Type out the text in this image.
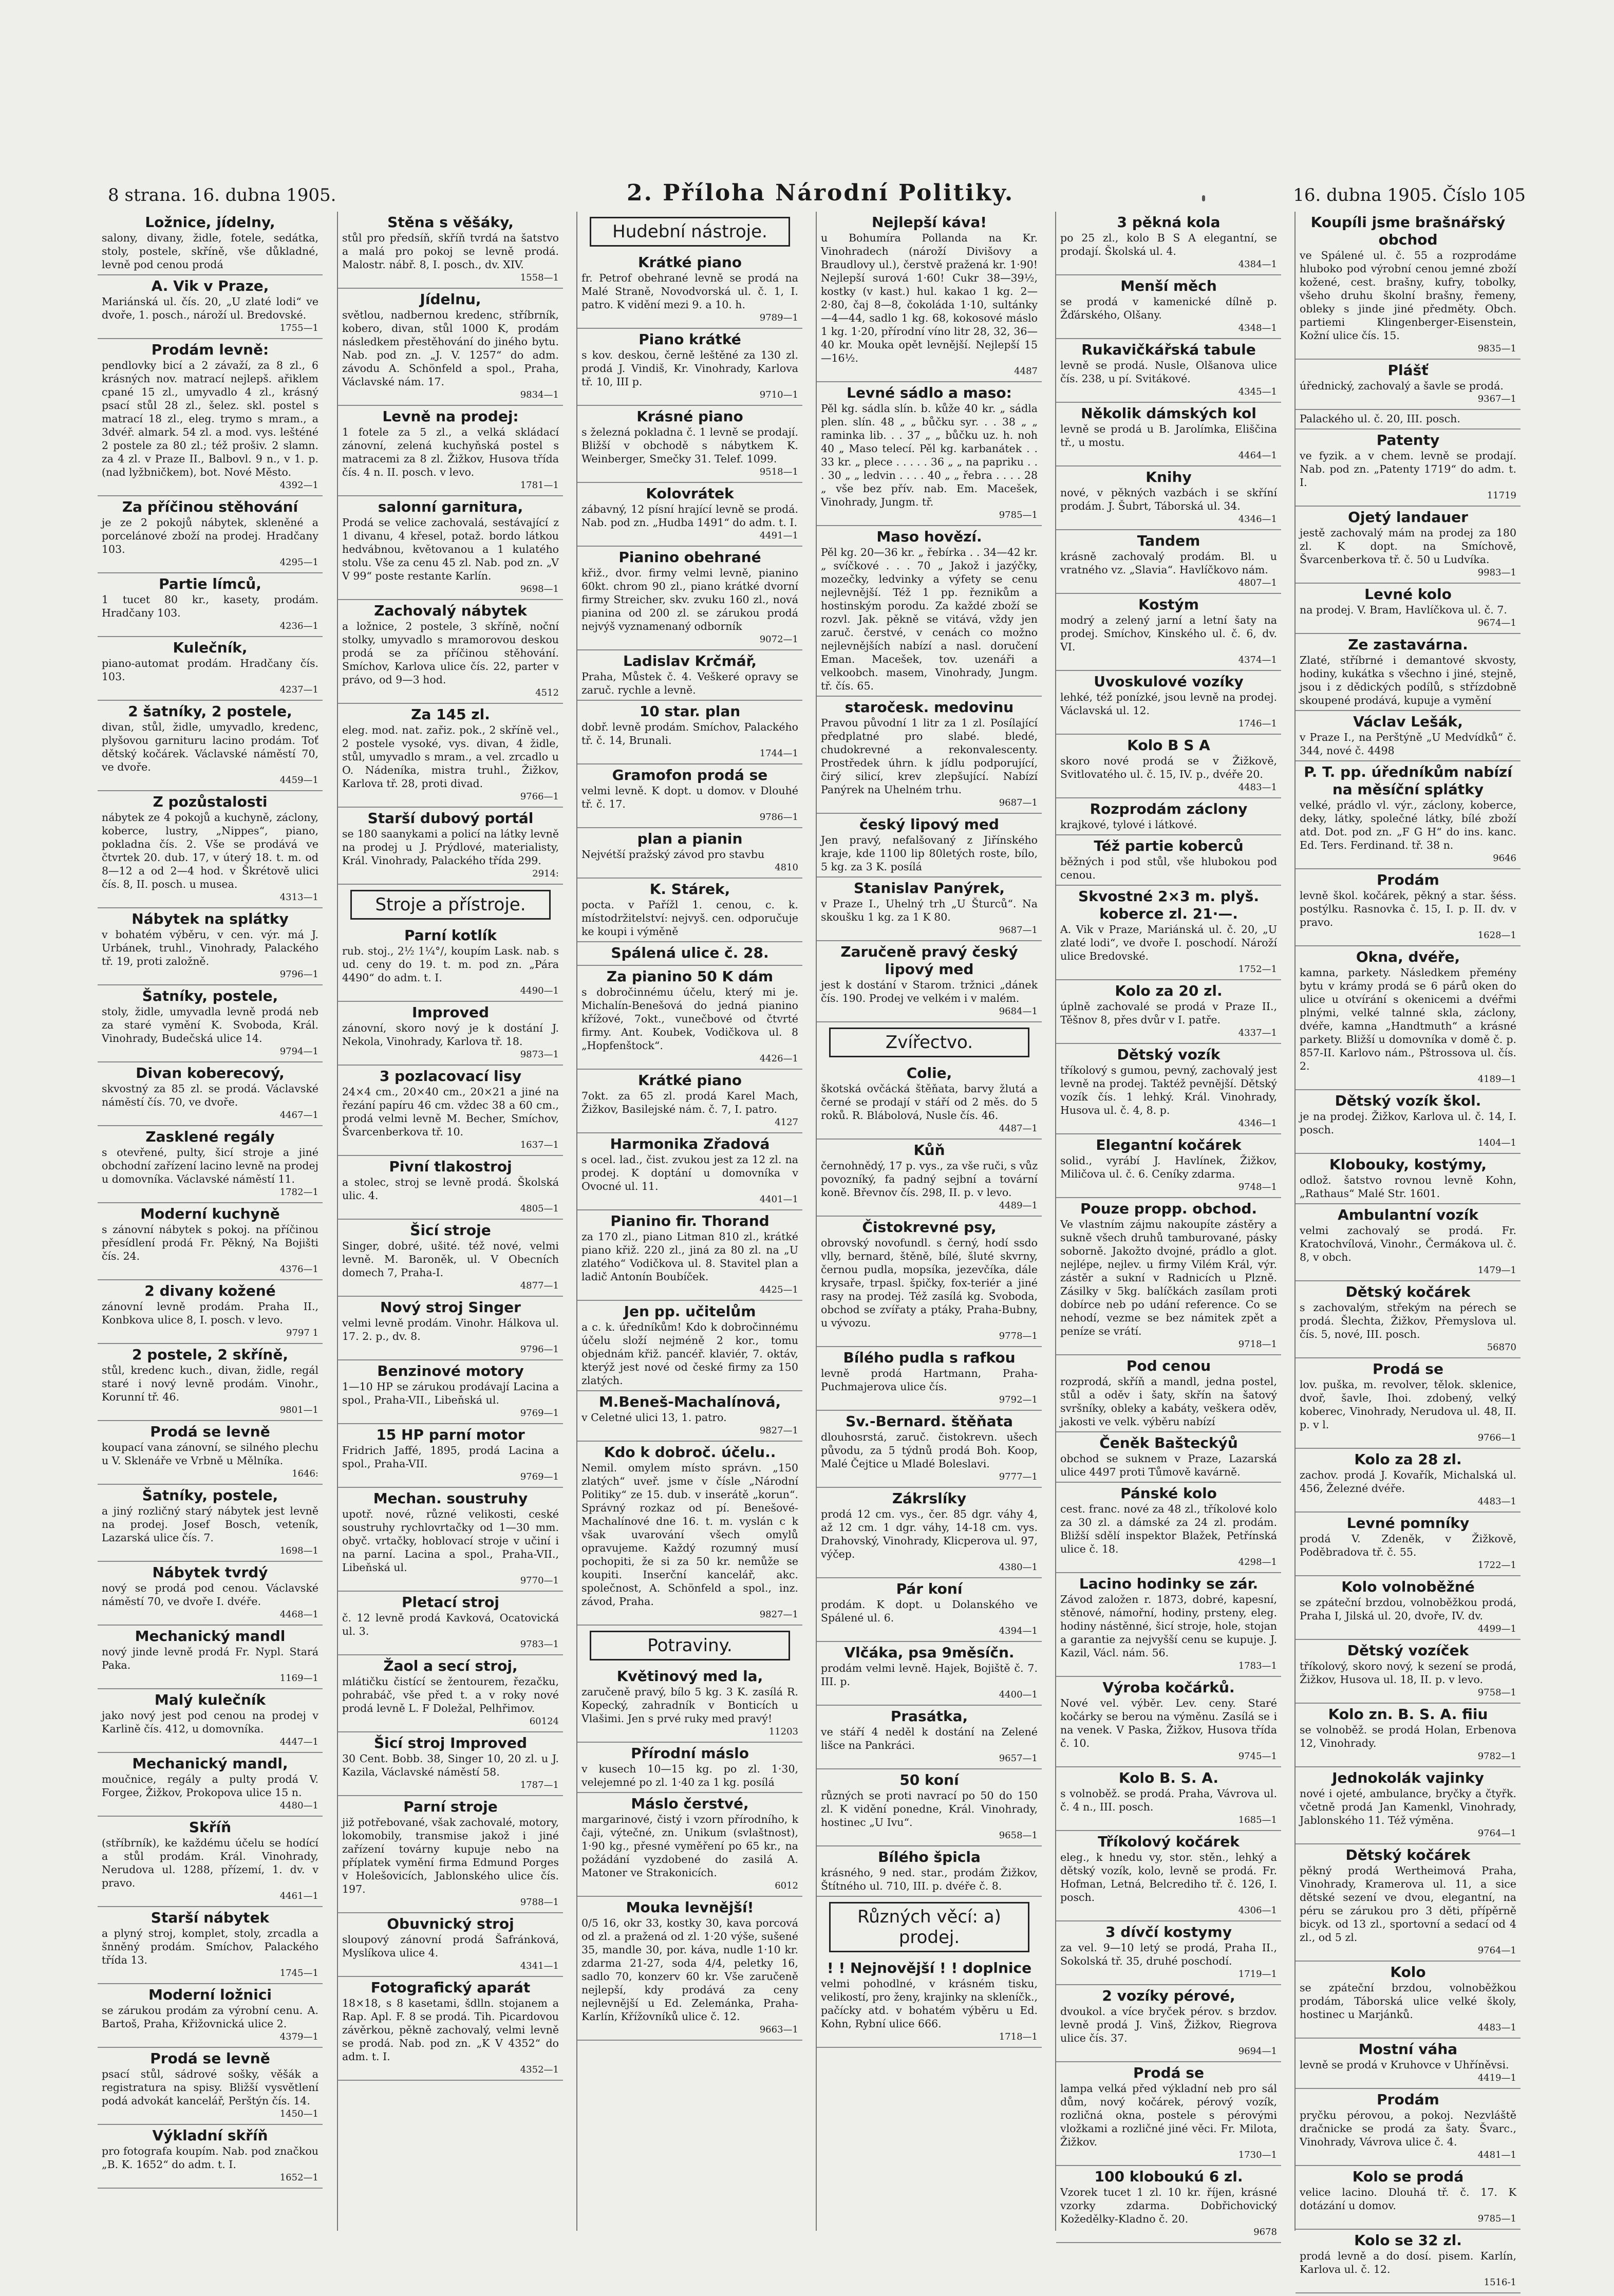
8 strana. 16. dubna 1905.	2. Příloha Národní Politiky.	16. dubna 1905. Číslo 105
Ložnice, jídelny,
salony, divany, židle, fotele, sedátka, stoly, postele, skříně, vše důkladné, levně pod cenou prodá
A. Vik v Praze,
Mariánská ul. čís. 20, „U zlaté lodi“ ve dvoře, 1. posch., nároží ul. Bredovské.
1755—1
Prodám levně:
pendlovky bicí a 2 závaží, za 8 zl., 6 krásných nov. matrací nejlepš. ařiklem cpané 15 zl., umyvadlo 4 zl., krásný psací stůl 28 zl., šelez. skl. postel s matrací 18 zl., eleg. trymo s mram., a 3dvéř. almark. 54 zl. a mod. vys. lešténé 2 postele za 80 zl.; též prošiv. 2 slamn. za 4 zl. v Praze II., Balbovl. 9 n., v 1. p. (nad lyžbničkem), bot. Nové Město.
4392—1
Za příčinou stěhování
je ze 2 pokojů nábytek, skleněné a porcelánové zboží na prodej. Hradčany 103.
4295—1
Partie límců,
1 tucet 80 kr., kasety, prodám. Hradčany 103.
4236—1
Kulečník,
piano-automat prodám. Hradčany čís. 103.
4237—1
2 šatníky, 2 postele,
divan, stůl, židle, umyvadlo, kredenc, plyšovou garnituru lacino prodám. Toť dětský kočárek. Václavské náměstí 70, ve dvoře.
4459—1
Z pozůstalosti
nábytek ze 4 pokojů a kuchyně, záclony, koberce, lustry, „Nippes“, piano, pokladna čís. 2. Vše se prodává ve čtvrtek 20. dub. 17, v úterý 18. t. m. od 8—12 a od 2—4 hod. v Škrétově ulici čís. 8, II. posch. u musea.
4313—1
Nábytek na splátky
v bohatém výběru, v cen. výr. má J. Urbánek, truhl., Vinohrady, Palackého tř. 19, proti založně.
9796—1
Šatníky, postele,
stoly, židle, umyvadla levně prodá neb za staré vymění K. Svoboda, Král. Vinohrady, Budečská ulice 14.
9794—1
Divan koberecový,
skvostný za 85 zl. se prodá. Václavské náměstí čís. 70, ve dvoře.
4467—1
Zasklené regály
s otevřené, pulty, šicí stroje a jiné obchodní zařízení lacino levně na prodej u domovníka. Václavské náměstí 11.
1782—1
Moderní kuchyně
s zánovní nábytek s pokoj. na příčinou přesídlení prodá Fr. Pěkný, Na Bojišti čís. 24.
4376—1
2 divany kožené
zánovní levně prodám. Praha II., Konbkova ulice 8, I. posch. v levo.
9797 1
2 postele, 2 skříně,
stůl, kredenc kuch., divan, židle, regál staré i nový levně prodám. Vinohr., Korunní tř. 46.
9801—1
Prodá se levně
koupací vana zánovní, se silného plechu u V. Sklenáře ve Vrbně u Mělníka.
1646:
Šatníky, postele,
a jiný rozličný starý nábytek jest levně na prodej. Josef Bosch, veteník, Lazarská ulice čís. 7.
1698—1
Nábytek tvrdý
nový se prodá pod cenou. Václavské náměstí 70, ve dvoře I. dvéře.
4468—1
Mechanický mandl
nový jinde levně prodá Fr. Nypl. Stará Paka.
1169—1
Malý kulečník
jako nový jest pod cenou na prodej v Karlině čís. 412, u domovníka.
4447—1
Mechanický mandl,
moučnice, regály a pulty prodá V. Forgee, Žižkov, Prokopova ulice 15 n.
4480—1
Skříň
(stříbrník), ke každému účelu se hodící a stůl prodám. Král. Vinohrady, Nerudova ul. 1288, přízemí, 1. dv. v pravo.
4461—1
Starší nábytek
a plyný stroj, komplet, stoly, zrcadla a šnněný prodám. Smíchov, Palackého třída 13.
1745—1
Moderní ložnici
se zárukou prodám za výrobní cenu. A. Bartoš, Praha, Křižovnická ulice 2.
4379—1
Prodá se levně
psací stůl, sádrové sošky, věšák a registratura na spisy. Bližší vysvětlení podá advokát kancelář, Perštýn čís. 14.
1450—1
Výkladní skříň
pro fotografa koupím. Nab. pod značkou „B. K. 1652“ do adm. t. I.
1652—1
Stěna s věšáky,
stůl pro předsíň, skříň tvrdá na šatstvo a malá pro pokoj se levně prodá. Malostr. nábř. 8, I. posch., dv. XIV.
1558—1
Jídelnu,
světlou, nadbernou kredenc, stříbrník, kobero, divan, stůl 1000 K, prodám následkem přestěhování do jiného bytu. Nab. pod zn. „J. V. 1257“ do adm. závodu A. Schönfeld a spol., Praha, Václavské nám. 17.
9834—1
Levně na prodej:
1 fotele za 5 zl., a velká skládací zánovní, zelená kuchyňská postel s matracemi za 8 zl. Žižkov, Husova třída čís. 4 n. II. posch. v levo.
1781—1
salonní garnitura,
Prodá se velice zachovalá, sestávající z 1 divanu, 4 křesel, potaž. bordo látkou hedvábnou, květovanou a 1 kulatého stolu. Vše za cenu 45 zl. Nab. pod zn. „V V 99“ poste restante Karlín.
9698—1
Zachovalý nábytek
a ložnice, 2 postele, 3 skříně, noční stolky, umyvadlo s mramorovou deskou prodá se za příčinou stěhování. Smíchov, Karlova ulice čís. 22, parter v právo, od 9—3 hod.
4512
Za 145 zl.
eleg. mod. nat. zařiz. pok., 2 skříně vel., 2 postele vysoké, vys. divan, 4 židle, stůl, umyvadlo s mram., a vel. zrcadlo u O. Nádeníka, mistra truhl., Žižkov, Karlova tř. 28, proti divad.
9766—1
Starší dubový portál
se 180 saanykami a policí na látky levně na prodej u J. Prýdlové, materialisty, Král. Vinohrady, Palackého třída 299.
2914:
Stroje a přístroje.
Parní kotlík
rub. stoj., 2½ 1¼°/, koupím Lask. nab. s ud. ceny do 19. t. m. pod zn. „Pára 4490“ do adm. t. I.
4490—1
Improved
zánovní, skoro nový je k dostání J. Nekola, Vinohrady, Karlova tř. 18.
9873—1
3 pozlacovací lisy
24×4 cm., 20×40 cm., 20×21 a jiné na řezání papíru 46 cm. vždec 38 a 60 cm., prodá velmi levně M. Becher, Smíchov, Švarcenberkova tř. 10.
1637—1
Pivní tlakostroj
a stolec, stroj se levně prodá. Školská ulic. 4.
4805—1
Šicí stroje
Singer, dobré, ušité. též nové, velmi levně. M. Baroněk, ul. V Obecních domech 7, Praha-I.
4877—1
Nový stroj Singer
velmi levně prodám. Vinohr. Hálkova ul. 17. 2. p., dv. 8.
9796—1
Benzinové motory
1—10 HP se zárukou prodávají Lacina a spol., Praha-VII., Libeňská ul.
9769—1
15 HP parní motor
Fridrich Jaffé, 1895, prodá Lacina a spol., Praha-VII.
9769—1
Mechan. soustruhy
upotř. nové, různé velikosti, ceské soustruhy rychlovrtačky od 1—30 mm. obyč. vrtačky, hoblovací stroje v učiní i na parní. Lacina a spol., Praha-VII., Libeňská ul.
9770—1
Pletací stroj
č. 12 levně prodá Kavková, Ocatovická ul. 3.
9783—1
Žaol a secí stroj,
mlátičku čistící se žentourem, řezačku, pohrabáč, vše před t. a v roky nové prodá levně L. F Doležal, Pelhřimov.
60124
Šicí stroj Improved
30 Cent. Bobb. 38, Singer 10, 20 zl. u J. Kazila, Václavské náměstí 58.
1787—1
Parní stroje
již potřebované, však zachovalé, motory, lokomobily, transmise jakož i jiné zařízení továrny kupuje nebo na příplatek vymění firma Edmund Porges v Holešovicích, Jablonského ulice čís. 197.
9788—1
Obuvnický stroj
sloupový zánovní prodá Šafránková, Myslíkova ulice 4.
4341—1
Fotografický aparát
18×18, s 8 kasetami, šdlln. stojanem a Rap. Apl. F. 8 se prodá. Tih. Picardovou závěrkou, pěkně zachovalý, velmi levně se prodá. Nab. pod zn. „K V 4352“ do adm. t. I.
4352—1
Hudební nástroje.
Krátké piano
fr. Petrof obehrané levně se prodá na Malé Straně, Novodvorská ul. č. 1, I. patro. K vidění mezi 9. a 10. h.
9789—1
Piano krátké
s kov. deskou, černě leštěné za 130 zl. prodá J. Vindiš, Kr. Vinohrady, Karlova tř. 10, III p.
9710—1
Krásné piano
s železná pokladna č. 1 levně se prodají. Bližší v obchodě s nábytkem K. Weinberger, Smečky 31. Telef. 1099.
9518—1
Kolovrátek
zábavný, 12 písní hrající levně se prodá. Nab. pod zn. „Hudba 1491“ do adm. t. I.
4491—1
Pianino obehrané
křiž., dvor. firmy velmi levně, pianino 60kt. chrom 90 zl., piano krátké dvorní firmy Streicher, skv. zvuku 160 zl., nová pianina od 200 zl. se zárukou prodá nejvýš vyznamenaný odborník
9072—1
Ladislav Krčmář,
Praha, Můstek č. 4. Veškeré opravy se zaruč. rychle a levně.
10 star. plan
dobř. levně prodám. Smíchov, Palackého tř. č. 14, Brunali.
1744—1
Gramofon prodá se
velmi levně. K dopt. u domov. v Dlouhé tř. č. 17.
9786—1
plan a pianin
Nejvétší pražský závod pro stavbu
4810
K. Stárek,
pocta. v Pařížl 1. cenou, c. k. místodržitelství: nejvyš. cen. odporučuje ke koupi i výměně
Spálená ulice č. 28.
Za pianino 50 K dám
s dobročinnému účelu, který mi je. Michalín-Benešová do jedná pianino křížové, 7okt., vunečbové od čtvrté firmy. Ant. Koubek, Vodičkova ul. 8 „Hopfenštock“.
4426—1
Krátké piano
7okt. za 65 zl. prodá Karel Mach, Žižkov, Basilejské nám. č. 7, I. patro.
4127
Harmonika Zřadová
s ocel. lad., čist. zvukou jest za 12 zl. na prodej. K doptání u domovníka v Ovocné ul. 11.
4401—1
Pianino fir. Thorand
za 170 zl., piano Litman 810 zl., krátké piano křiž. 220 zl., jiná za 80 zl. na „U zlatého“ Vodičkova ul. 8. Stavitel plan a ladič Antonín Boubíček.
4425—1
Jen pp. učitelům
a c. k. úředníkům! Kdo k dobročinnému účelu složí nejméně 2 kor., tomu objednám křiž. pancéř. klaviér, 7. oktáv, kterýž jest nové od české firmy za 150 zlatých.
M.Beneš-Machalínová,
v Celetné ulici 13, 1. patro.
9827—1
Kdo k dobroč. účelu..
Nemil. omylem místo správn. „150 zlatých“ uveř. jsme v čísle „Národní Politiky“ ze 15. dub. v inserátě „korun“. Správný rozkaz od pí. Benešové-Machalínové dne 16. t. m. vyslán c k však uvarování všech omylů opravujeme. Každý rozumný musí pochopiti, že si za 50 kr. nemůže se koupiti. Inserční kancelář, akc. společnost, A. Schönfeld a spol., inz. závod, Praha.
9827—1
Potraviny.
Květinový med la,
zaručeně pravý, bílo 5 kg. 3 K. zasílá R. Kopecký, zahradník v Bonticích u Vlašimi. Jen s prvé ruky med pravý!
11203
Přírodní máslo
v kusech 10—15 kg. po zl. 1·30, velejemné po zl. 1·40 za 1 kg. posílá
Máslo čerstvé,
margarinové, čistý i vzorn přírodního, k čaji, výtečné, zn. Unikum (svlaštnost), 1·90 kg., přesné vyměření po 65 kr., na požádání vyzdobené do zasilá A. Matoner ve Strakonicích.
6012
Mouka levnější!
0/5 16, okr 33, kostky 30, kava porcová od zl. a pražená od zl. 1·20 výše, sušené 35, mandle 30, por. káva, nudle 1·10 kr. zdarma 21-27, soda 4/4, peletky 16, sadlo 70, konzerv 60 kr. Vše zaručeně nejlepší, kdy prodává za ceny nejlevnější u Ed. Zelemánka, Praha-Karlín, Křížovníků ulice č. 12.
9663—1
Nejlepší káva!
u Bohumíra Pollanda na Kr. Vinohradech (nároží Divišovy a Braudlovy ul.), čerstvě pražená kr. 1·90! Nejlepší surová 1·60! Cukr 38—39½, kostky (v kast.) hul. kakao 1 kg. 2—2·80, čaj 8—8, čokoláda 1·10, sultánky —4—44, sadlo 1 kg. 68, kokosové máslo 1 kg. 1·20, přírodní víno litr 28, 32, 36—40 kr. Mouka opět levnější. Nejlepší 15—16½.
4487
Levné sádlo a maso:
Pěl kg. sádla slín. b. kůže 40 kr. „ sádla plen. slín. 48 „ „ bůčku syr. . . 38 „ „ raminka lib. . . 37 „ „ bůčku uz. h. noh 40 „ Maso telecí. Pěl kg. karbanátek . . 33 kr. „ plece . . . . . 36 „ „ na papriku . . . 30 „ „ ledvin . . . . 40 „ „ řebra . . . . 28 „ vše bez přív. nab. Em. Macešek, Vinohrady, Jungm. tř.
9785—1
Maso hovězí.
Pěl kg. 20—36 kr. „ řebírka . . 34—42 kr. „ svíčkové . . . 70 „ Jakož i jazýčky, mozečky, ledvinky a výfety se cenu nejlevnější. Též 1 pp. řeznikům a hostinským porodu. Za každé zboží se rozvl. Jak. pěkně se vitává, vždy jen zaruč. čerstvé, v cenách co možno nejlevnějších nabízí a nasl. doručení Eman. Macešek, tov. uzenáři a velkoobch. masem, Vinohrady, Jungm. tř. čís. 65.
staročesk. medovinu
Pravou původní 1 litr za 1 zl. Posílající předplatné pro slabé. bledé, chudokrevné a rekonvalescenty. Prostředek úhrn. k jídlu podporující, čirý silicí, krev zlepšující. Nabízí Panýrek na Uhelném trhu.
9687—1
český lipový med
Jen pravý, nefalšovaný z Jiřínského kraje, kde 1100 lip 80letých roste, bílo, 5 kg. za 3 K. posílá
Stanislav Panýrek,
v Praze I., Uhelný trh „U Šturců“. Na skoušku 1 kg. za 1 K 80.
9687—1
Zaručeně pravý český lipový med
jest k dostání v Starom. tržnici „dánek čís. 190. Prodej ve velkém i v malém.
9684—1
Zvířectvo.
Colie,
škotská ovčácká štěňata, barvy žlutá a černé se prodají v stáří od 2 měs. do 5 roků. R. Blábolová, Nusle čís. 46.
4487—1
Kůň
černohnědý, 17 p. vys., za vše ruči, s vůz povozníký, fa padný sejbní a tovární koně. Břevnov čís. 298, II. p. v levo.
4489—1
Čistokrevné psy,
obrovský novofundl. s černý, hodí ssdo vlly, bernard, štěně, bílé, šluté skvrny, černou pudla, mopsíka, jezevčíka, dále krysaře, trpasl. špičky, fox-teriér a jiné rasy na prodej. Též zasílá kg. Svoboda, obchod se zvířaty a ptáky, Praha-Bubny, u vývozu.
9778—1
Bílého pudla s rafkou
levně prodá Hartmann, Praha-Puchmajerova ulice čís.
9792—1
Sv.-Bernard. štěňata
dlouhosrstá, zaruč. čistokrevn. ušech původu, za 5 týdnů prodá Boh. Koop, Malé Čejtice u Mladé Boleslavi.
9777—1
Zákrslíky
prodá 12 cm. vys., čer. 85 dgr. váhy 4, až 12 cm. 1 dgr. váhy, 14-18 cm. vys. Drahovský, Vinohrady, Klicperova ul. 97, výčep.
4380—1
Pár koní
prodám. K dopt. u Dolanského ve Spálené ul. 6.
4394—1
Vlčáka, psa 9měsíčn.
prodám velmi levně. Hajek, Bojiště č. 7. III. p.
4400—1
Prasátka,
ve stáří 4 neděl k dostání na Zelené lišce na Pankráci.
9657—1
50 koní
různých se proti navrací po 50 do 150 zl. K vidění ponedne, Král. Vinohrady, hostinec „U Ivu“.
9658—1
Bílého špicla
krásného, 9 ned. star., prodám Žižkov, Štítného ul. 710, III. p. dvéře č. 8.
Různých věcí: a) prodej.
! ! Nejnovější ! ! doplnice
velmi pohodlné, v krásném tisku, velikostí, pro ženy, krajinky na skleníčk., pačícky atd. v bohatém výběru u Ed. Kohn, Rybní ulice 666.
1718—1
3 pěkná kola
po 25 zl., kolo B S A elegantní, se prodají. Školská ul. 4.
4384—1
Menší měch
se prodá v kamenické dílně p. Žďárského, Olšany.
4348—1
Rukavičkářská tabule
levně se prodá. Nusle, Olšanova ulice čís. 238, u pí. Svitákové.
4345—1
Několik dámských kol
levně se prodá u B. Jarolímka, Eliščina tř., u mostu.
4464—1
Knihy
nové, v pěkných vazbách i se skříní prodám. J. Šubrt, Táborská ul. 34.
4346—1
Tandem
krásně zachovalý prodám. Bl. u vratného vz. „Slavia“. Havlíčkovo nám.
4807—1
Kostým
modrý a zelený jarní a letní šaty na prodej. Smíchov, Kinského ul. č. 6, dv. VI.
4374—1
Uvoskulové vozíky
lehké, též ponízké, jsou levně na prodej. Václavská ul. 12.
1746—1
Kolo B S A
skoro nové prodá se v Žižkově, Svitlovatého ul. č. 15, IV. p., dvéře 20.
4483—1
Rozprodám záclony
krajkové, tylové i látkové.
Též partie koberců
běžných i pod stůl, vše hlubokou pod cenou.
Skvostné 2×3 m. plyš. koberce zl. 21·—.
A. Vik v Praze, Mariánská ul. č. 20, „U zlaté lodi“, ve dvoře I. poschodí. Nároží ulice Bredovské.
1752—1
Kolo za 20 zl.
úplně zachovalé se prodá v Praze II., Těšnov 8, přes dvůr v I. patře.
4337—1
Dětský vozík
tříkolový s gumou, pevný, zachovalý jest levně na prodej. Taktéž pevnější. Dětský vozík čís. 1 lehký. Král. Vinohrady, Husova ul. č. 4, 8. p.
4346—1
Elegantní kočárek
solid., vyrábí J. Havlínek, Žižkov, Miličova ul. č. 6. Ceníky zdarma.
9748—1
Pouze propp. obchod.
Ve vlastním zájmu nakoupíte zástěry a sukně všech druhů tamburované, pásky soborně. Jakožto dvojné, prádlo a glot. nejlépe, nejlev. u firmy Vilém Král, výr. zástěr a sukní v Radnicích u Plzně. Zásilky v 5kg. balíčkách zasílam proti dobírce neb po udání reference. Co se nehodí, vezme se bez námitek zpět a peníze se vrátí.
9718—1
Pod cenou
rozprodá, skříň a mandl, jedna postel, stůl a oděv i šaty, skřín na šatový svršníky, obleky a kabáty, veškera oděv, jakosti ve velk. výběru nabízí
Čeněk Bašteckýů
obchod se suknem v Praze, Lazarská ulice 4497 proti Tůmově kavárně.
Pánské kolo
cest. franc. nové za 48 zl., tříkolové kolo za 30 zl. a dámské za 24 zl. prodám. Bližší sdělí inspektor Blažek, Petřínská ulice č. 18.
4298—1
Lacino hodinky se zár.
Závod založen r. 1873, dobré, kapesní, stěnové, námořní, hodiny, prsteny, eleg. hodiny nástěnné, šicí stroje, hole, stojan a garantie za nejvyšší cenu se kupuje. J. Kazil, Václ. nám. 56.
1783—1
Výroba kočárků.
Nové vel. výběr. Lev. ceny. Staré kočárky se berou na výměnu. Zasílá se i na venek. V Paska, Žižkov, Husova třída č. 10.
9745—1
Kolo B. S. A.
s volnoběž. se prodá. Praha, Vávrova ul. č. 4 n., III. posch.
1685—1
Tříkolový kočárek
eleg., k hnedu vy, stor. stěn., lehký a dětský vozík, kolo, levně se prodá. Fr. Hofman, Letná, Belcrediho tř. č. 126, I. posch.
4306—1
3 dívčí kostymy
za vel. 9—10 letý se prodá, Praha II., Sokolská tř. 35, druhé poschodí.
1719—1
2 vozíky pérové,
dvoukol. a více bryček pérov. s brzdov. levně prodá J. Vinš, Žižkov, Riegrova ulice čís. 37.
9694—1
Prodá se
lampa velká před výkladní neb pro sál dům, nový kočárek, pérový vozík, rozličná okna, postele s pérovými vložkami a rozličné jiné věci. Fr. Milota, Žižkov.
1730—1
100 kloboukú 6 zl.
Vzorek tucet 1 zl. 10 kr. říjen, krásné vzorky zdarma. Dobřichovický Kožedělky-Kladno č. 20.
9678
Koupíli jsme brašnářský obchod
ve Spálené ul. č. 55 a rozprodáme hluboko pod výrobní cenou jemné zboží kožené, cest. brašny, kufry, tobolky, všeho druhu školní brašny, řemeny, obleky s jinde jiné předměty. Obch. partiemi Klingenberger-Eisenstein, Kožní ulice čís. 15.
9835—1
Plášť
úřednický, zachovalý a šavle se prodá.
9367—1
Palackého ul. č. 20, III. posch.
Patenty
ve fyzik. a v chem. levně se prodají. Nab. pod zn. „Patenty 1719“ do adm. t. I.
11719
Ojetý landauer
jestě zachovalý mám na prodej za 180 zl. K dopt. na Smíchově, Švarcenberkova tř. č. 50 u Ludvíka.
9983—1
Levné kolo
na prodej. V. Bram, Havlíčkova ul. č. 7.
9674—1
Ze zastavárna.
Zlaté, stříbrné i demantové skvosty, hodiny, kukátka s všechno i jiné, stejně, jsou i z dědických podílů, s střízdobně skoupené prodává, kupuje a vymění
Václav Lešák,
v Praze I., na Perštýně „U Medvídků“ č. 344, nové č. 4498
P. T. pp. úředníkům nabízí na měsíční splátky
velké, prádlo vl. výr., záclony, koberce, deky, látky, společné látky, bílé zboží atd. Dot. pod zn. „F G H“ do ins. kanc. Ed. Ters. Ferdinand. tř. 38 n.
9646
Prodám
levně škol. kočárek, pěkný a star. šéss. postýlku. Rasnovka č. 15, I. p. II. dv. v pravo.
1628—1
Okna, dvéře,
kamna, parkety. Následkem přemény bytu v krámy prodá se 6 párů oken do ulice u otvírání s okenicemi a dvéřmi plnými, velké talnné skla, záclony, dvéře, kamna „Handtmuth“ a krásné parkety. Bližší u domovníka v domě č. p. 857-II. Karlovo nám., Pštrossova ul. čís. 2.
4189—1
Dětský vozík škol.
je na prodej. Žižkov, Karlova ul. č. 14, I. posch.
1404—1
Klobouky, kostýmy,
odlož. šatstvo rovnou levně Kohn, „Rathaus“ Malé Str. 1601.
Ambulantní vozík
velmi zachovalý se prodá. Fr. Kratochvílová, Vinohr., Čermákova ul. č. 8, v obch.
1479—1
Dětský kočárek
s zachovalým, střekým na pérech se prodá. Šlechta, Žižkov, Přemyslova ul. čís. 5, nové, III. posch.
56870
Prodá se
lov. puška, m. revolver, tělok. sklenice, dvoř, šavle, Ihoi. zdobený, velký koberec, Vinohrady, Nerudova ul. 48, II. p. v l.
9766—1
Kolo za 28 zl.
zachov. prodá J. Kovařík, Michalská ul. 456, Železné dvéře.
4483—1
Levné pomníky
prodá V. Zdeněk, v Žižkově, Poděbradova tř. č. 55.
1722—1
Kolo volnoběžné
se zpáteční brzdou, volnoběžkou prodá, Praha I, Jilská ul. 20, dvoře, IV. dv.
4499—1
Dětský vozíček
tříkolový, skoro nový, k sezení se prodá, Žižkov, Husova ul. 18, II. p. v levo.
9758—1
Kolo zn. B. S. A. fiiu
se volnoběž. se prodá Holan, Erbenova 12, Vinohrady.
9782—1
Jednokolák vajinky
nové i ojeté, ambulance, bryčky a čtyřk. včetně prodá Jan Kamenkl, Vinohrady, Jablonského 11. Též výměna.
9764—1
Dětský kočárek
pěkný prodá Wertheimová Praha, Vinohrady, Kramerova ul. 11, a sice dětské sezení ve dvou, elegantní, na péru se zárukou pro 3 děti, přípěrně bicyk. od 13 zl., sportovní a sedací od 4 zl., od 5 zl.
9764—1
Kolo
se zpáteční brzdou, volnoběžkou prodám, Táborská ulice velké školy, hostinec u Marjánků.
4483—1
Mostní váha
levně se prodá v Kruhovce v Uhříněvsi.
4419—1
Prodám
pryčku pérovou, a pokoj. Nezvláště dračnicke se prodá za šaty. Švarc., Vinohrady, Vávrova ulice č. 4.
4481—1
Kolo se prodá
velice lacino. Dlouhá tř. č. 17. K dotázání u domov.
9785—1
Kolo se 32 zl.
prodá levně a do dosí. pisem. Karlín, Karlova ul. č. 12.
1516-1
